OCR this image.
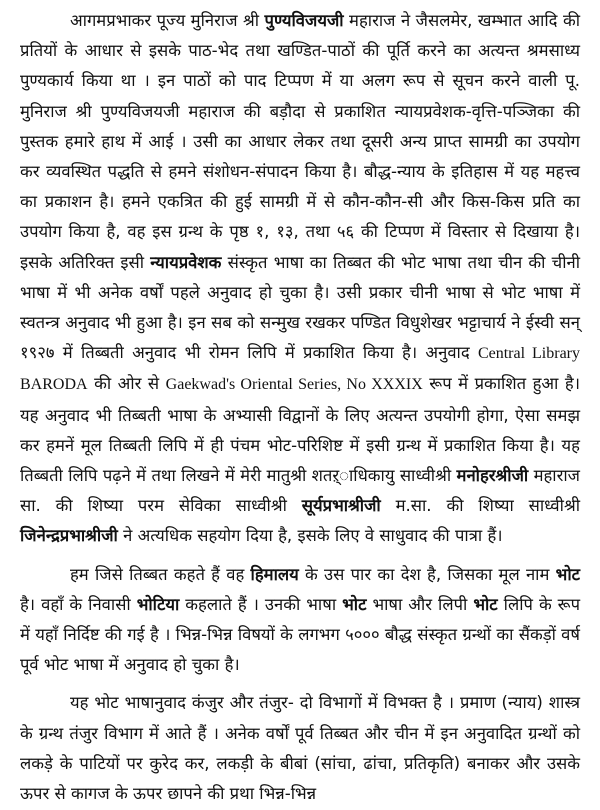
आगमप्रभाकर पूज्य मुनिराज श्री पुण्यविजयजी महाराज ने जैसलमेर, खम्भात आदि की प्रतियों के आधार से इसके पाठ-भेद तथा खण्डित-पाठों की पूर्ति करने का अत्यन्त श्रमसाध्य पुण्यकार्य किया था । इन पाठों को पाद टिप्पण में या अलग रूप से सूचन करने वाली पू. मुनिराज श्री पुण्यविजयजी महाराज की बड़ौदा से प्रकाशित न्यायप्रवेशक-वृत्ति-पञ्जिका की पुस्तक हमारे हाथ में आई । उसी का आधार लेकर तथा दूसरी अन्य प्राप्त सामग्री का उपयोग कर व्यवस्थित पद्धति से हमने संशोधन-संपादन किया है। बौद्ध-न्याय के इतिहास में यह महत्त्व का प्रकाशन है। हमने एकत्रित की हुई सामग्री में से कौन-कौन-सी और किस-किस प्रति का उपयोग किया है, वह इस ग्रन्थ के पृष्ठ १, १३, तथा ५६ की टिप्पण में विस्तार से दिखाया है। इसके अतिरिक्त इसी न्यायप्रवेशक संस्कृत भाषा का तिब्बत की भोट भाषा तथा चीन की चीनी भाषा में भी अनेक वर्षों पहले अनुवाद हो चुका है। उसी प्रकार चीनी भाषा से भोट भाषा में स्वतन्त्र अनुवाद भी हुआ है। इन सब को सन्मुख रखकर पण्डित विधुशेखर भट्टाचार्य ने ईस्वी सन् १९२७ में तिब्बती अनुवाद भी रोमन लिपि में प्रकाशित किया है। अनुवाद Central Library BARODA की ओर से Gaekwad's Oriental Series, No XXXIX रूप में प्रकाशित हुआ है। यह अनुवाद भी तिब्बती भाषा के अभ्यासी विद्वानों के लिए अत्यन्त उपयोगी होगा, ऐसा समझ कर हमनें मूल तिब्बती लिपि में ही पंचम भोट-परिशिष्ट में इसी ग्रन्थ में प्रकाशित किया है। यह तिब्बती लिपि पढ़ने में तथा लिखने में मेरी मातुश्री शतऱ्ाधिकायु साध्वीश्री मनोहरश्रीजी महाराज सा. की शिष्या परम सेविका साध्वीश्री सूर्यप्रभाश्रीजी म.सा. की शिष्या साध्वीश्री जिनेन्द्रप्रभाश्रीजी ने अत्यधिक सहयोग दिया है, इसके लिए वे साधुवाद की पात्रा हैं।

हम जिसे तिब्बत कहते हैं वह हिमालय के उस पार का देश है, जिसका मूल नाम भोट है। वहाँ के निवासी भोटिया कहलाते हैं । उनकी भाषा भोट भाषा और लिपी भोट लिपि के रूप में यहाँ निर्दिष्ट की गई है । भिन्न-भिन्न विषयों के लगभग ५००० बौद्ध संस्कृत ग्रन्थों का सैंकड़ों वर्ष पूर्व भोट भाषा में अनुवाद हो चुका है।

यह भोट भाषानुवाद कंजुर और तंजुर- दो विभागों में विभक्त है । प्रमाण (न्याय) शास्त्र के ग्रन्थ तंजुर विभाग में आते हैं । अनेक वर्षों पूर्व तिब्बत और चीन में इन अनुवादित ग्रन्थों को लकड़े के पाटियों पर कुरेद कर, लकड़ी के बीबां (सांचा, ढांचा, प्रतिकृति) बनाकर और उसके ऊपर से कागज के ऊपर छापने की प्रथा भिन्न-भिन्न
